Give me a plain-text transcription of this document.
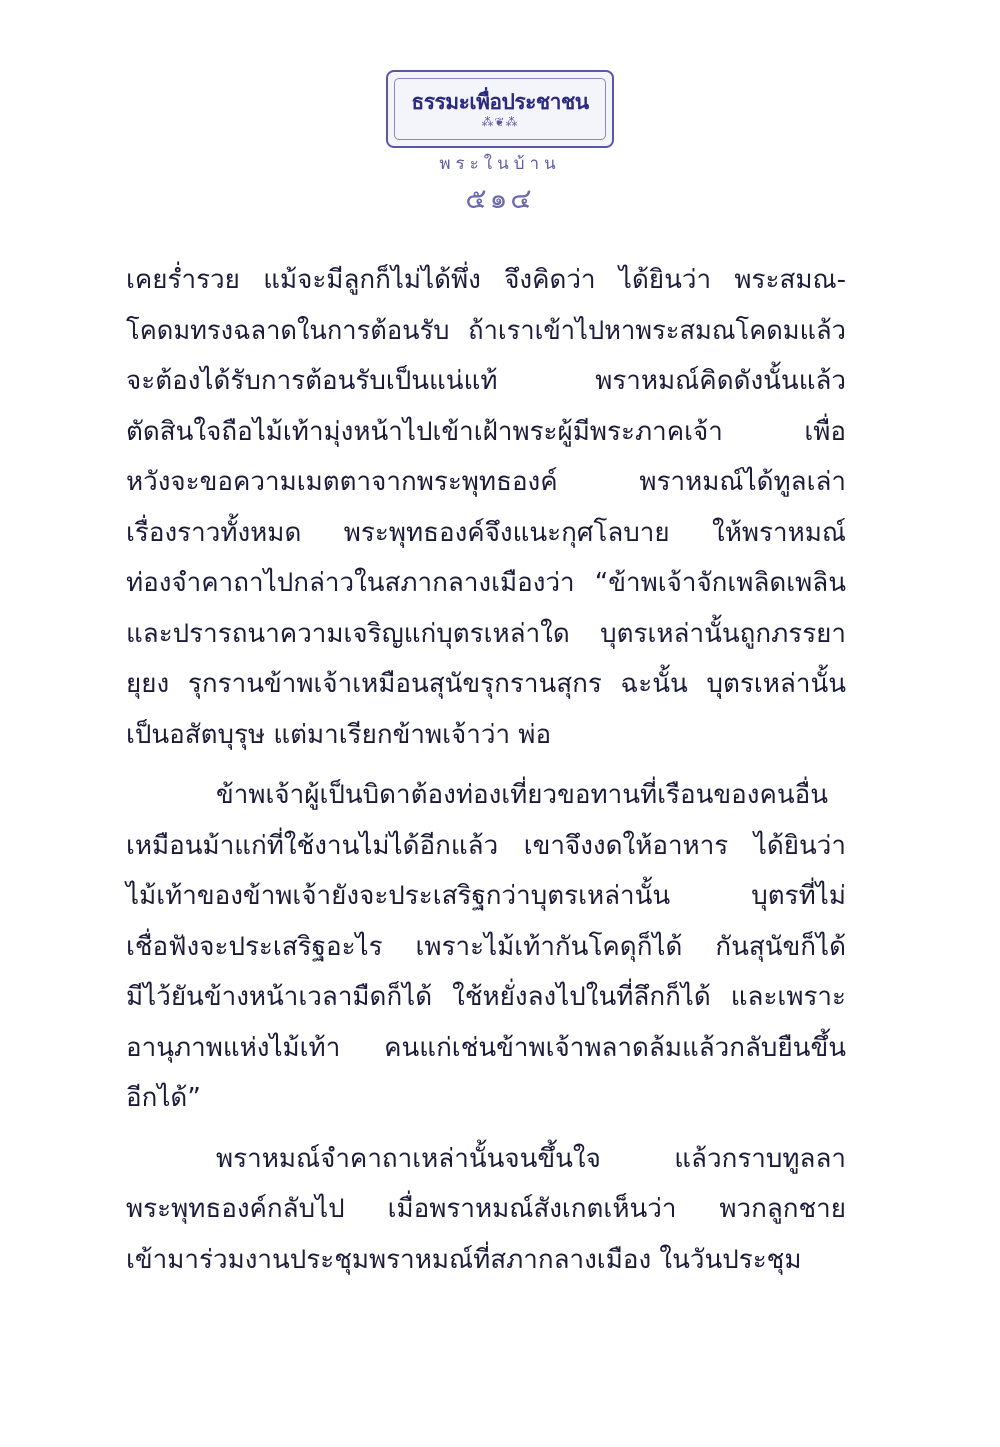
ธรรมะเพื่อประชาชน
⁂❦⁂
พระในบ้าน
๕๑๔
เคยร่ำรวย แม้จะมีลูกก็ไม่ได้พึ่ง จึงคิดว่า ได้ยินว่า พระสมณ-
โคดมทรงฉลาดในการต้อนรับ ถ้าเราเข้าไปหาพระสมณโคดมแล้ว
จะต้องได้รับการต้อนรับเป็นแน่แท้ พราหมณ์คิดดังนั้นแล้ว
ตัดสินใจถือไม้เท้ามุ่งหน้าไปเข้าเฝ้าพระผู้มีพระภาคเจ้า เพื่อ
หวังจะขอความเมตตาจากพระพุทธองค์ พราหมณ์ได้ทูลเล่า
เรื่องราวทั้งหมด พระพุทธองค์จึงแนะกุศโลบาย ให้พราหมณ์
ท่องจำคาถาไปกล่าวในสภากลางเมืองว่า “ข้าพเจ้าจักเพลิดเพลิน
และปรารถนาความเจริญแก่บุตรเหล่าใด บุตรเหล่านั้นถูกภรรยา
ยุยง รุกรานข้าพเจ้าเหมือนสุนัขรุกรานสุกร ฉะนั้น บุตรเหล่านั้น
เป็นอสัตบุรุษ แต่มาเรียกข้าพเจ้าว่า พ่อ
ข้าพเจ้าผู้เป็นบิดาต้องท่องเที่ยวขอทานที่เรือนของคนอื่น
เหมือนม้าแก่ที่ใช้งานไม่ได้อีกแล้ว เขาจึงงดให้อาหาร ได้ยินว่า
ไม้เท้าของข้าพเจ้ายังจะประเสริฐกว่าบุตรเหล่านั้น บุตรที่ไม่
เชื่อฟังจะประเสริฐอะไร เพราะไม้เท้ากันโคดุก็ได้ กันสุนัขก็ได้
มีไว้ยันข้างหน้าเวลามืดก็ได้ ใช้หยั่งลงไปในที่ลึกก็ได้ และเพราะ
อานุภาพแห่งไม้เท้า คนแก่เช่นข้าพเจ้าพลาดล้มแล้วกลับยืนขึ้น
อีกได้”
พราหมณ์จำคาถาเหล่านั้นจนขึ้นใจ แล้วกราบทูลลา
พระพุทธองค์กลับไป เมื่อพราหมณ์สังเกตเห็นว่า พวกลูกชาย
เข้ามาร่วมงานประชุมพราหมณ์ที่สภากลางเมือง ในวันประชุม
